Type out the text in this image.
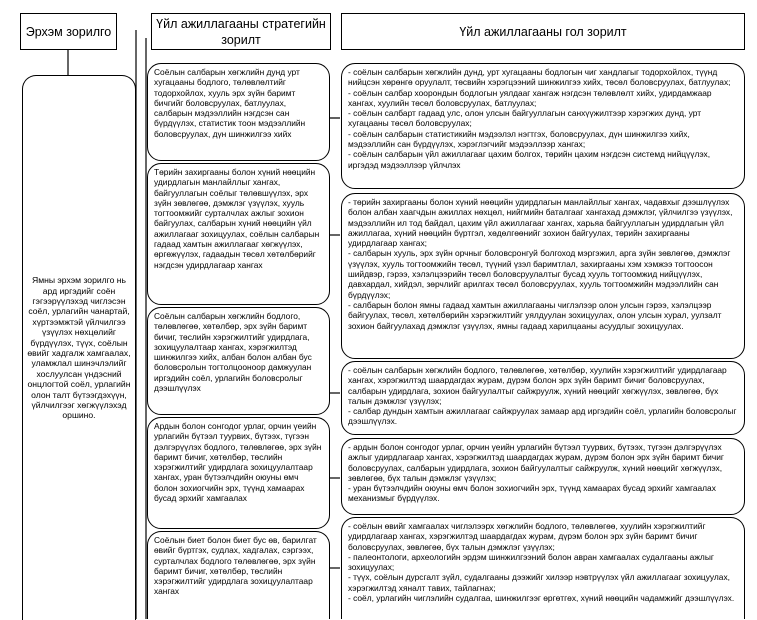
Эрхэм зорилго
Үйл ажиллагааны стратегийн зорилт
Үйл ажиллагааны гол зорилт
Ямны эрхэм зорилго нь ард иргэдийг соён гэгээрүүлэхэд чиглэсэн соёл, урлагийн чанартай, хүртээмжтэй үйлчилгээ үзүүлэх нөхцөлийг бүрдүүлэх, түүх, соёлын өвийг хадгалж хамгаалах, уламжлал шинэчлэлийг хослуулсан үндэсний онцлогтой соёл, урлагийн олон талт бүтээгдэхүүн, үйлчилгээг хөгжүүлэхэд оршино.
Соёлын салбарын хөгжлийн дунд урт хугацааны бодлого, төлөвлөлтийг тодорхойлох, хууль эрх зүйн баримт бичгийг боловсруулах, батлуулах, салбарын мэдээллийн нэгдсэн сан бүрдүүлэх, статистик тоон мэдээллийн боловсруулах, дүн шинжилгээ хийх
Төрийн захиргааны болон хүний нөөцийн удирдлагын манлайллыг хангах, байгууллагын соёлыг төлөвшүүлэх, эрх зүйн зөвлөгөө, дэмжлэг үзүүлэх, хууль тогтоомжийг сурталчлах ажлыг зохион байгуулах, салбарын хүний нөөцийн үйл ажиллагааг зохицуулах, соёлын салбарын гадаад хамтын ажиллагааг хөгжүүлэх, өргөжүүлэх, гадаадын төсөл хөтөлбөрийг нэгдсэн удирдлагаар хангах
Соёлын салбарын хөгжлийн бодлого, төлөвлөгөө, хөтөлбөр, эрх зүйн баримт бичиг, төслийн хэрэгжилтийг удирдлага, зохицуулалтаар хангах, хэрэгжилтэд шинжилгээ хийх, албан болон албан бус боловсролын тогтолцооноор дамжуулан иргэдийн соёл, урлагийн боловсролыг дээшлүүлэх
Ардын болон сонгодог урлаг, орчин үеийн урлагийн бүтээл туурвих, бүтээх, түгээн дэлгэрүүлэх бодлого, төлөвлөгөө, эрх зүйн баримт бичиг, хөтөлбөр, төслийн хэрэгжилтийг удирдлага зохицуулалтаар хангах, уран бүтээлчдийн оюуны өмч болон зохиогчийн эрх, түүнд хамаарах бусад эрхийг хамгаалах
Соёлын биет болон биет бус өв, барилгат өвийг бүртгэх, судлах, хадгалах, сэргээх, сурталчлах бодлого төлөвлөгөө, эрх зүйн баримт бичиг, хөтөлбөр, төслийн хэрэгжилтийг удирдлага зохицуулалтаар хангах

- соёлын салбарын хөгжлийн дунд, урт хугацааны бодлогын чиг хандлагыг тодорхойлох, түүнд нийцсэн хөрөнгө оруулалт, төсвийн хэрэгцээний шинжилгээ хийх, төсөл боловсруулах, батлуулах;

- соёлын салбар хоорондын бодлогын уялдааг хангаж нэгдсэн төлөвлөлт хийх, удирдамжаар хангах, хуулийн төсөл боловсруулах, батлуулах;

- соёлын салбарт гадаад улс, олон улсын байгууллагын санхүүжилтээр хэрэгжих дунд, урт хугацааны төсөл боловсруулах;

- соёлын салбарын статистикийн мэдээлэл нэгтгэх, боловсруулах, дүн шинжилгээ хийх, мэдээллийн сан бүрдүүлэх, хэрэглэгчийг мэдээллээр хангах;

- соёлын салбарын үйл ажиллагааг цахим болгох, төрийн цахим нэгдсэн системд нийцүүлэх, иргэдэд мэдээллээр үйлчлэх

- төрийн захиргааны болон хүний нөөцийн удирдлагын манлайллыг хангах, чадавхыг дээшлүүлэх болон албан хаагчдын ажиллах нөхцөл, нийгмийн баталгааг хангахад дэмжлэг, үйлчилгээ үзүүлэх, мэдээллийн ил тод байдал, цахим үйл ажиллагааг хангах, харьяа байгууллагын удирдлагын үйл ажиллагаа, хүний нөөцийн бүртгэл, хөдөлгөөнийг зохион байгуулах, төрийн захиргааны удирдлагаар хангах;

- салбарын хууль, эрх зүйн орчныг боловсронгуй болгоход мэргэжил, арга зүйн зөвлөгөө, дэмжлэг үзүүлэх, хууль тогтоомжийн төсөл, түүний үзэл баримтлал, захиргааны хэм хэмжээ тогтоосон шийдвэр, гэрээ, хэлэлцээрийн төсөл боловсруулалтыг бусад хууль тогтоомжид нийцүүлэх, давхардал, хийдэл, зөрчлийг арилгах төсөл боловсруулах, хууль тогтоомжийн мэдээллийн сан бүрдүүлэх;

- салбарын болон ямны гадаад хамтын ажиллагааны чиглэлээр олон улсын гэрээ, хэлэлцээр байгуулах, төсөл, хөтөлбөрийн хэрэгжилтийг уялдуулан зохицуулах, олон улсын хурал, уулзалт зохион байгуулахад дэмжлэг үзүүлэх, ямны гадаад харилцааны асуудлыг зохицуулах.

- соёлын салбарын хөгжлийн бодлого, төлөвлөгөө, хөтөлбөр, хуулийн хэрэгжилтийг удирдлагаар хангах, хэрэгжилтэд шаардагдах журам, дүрэм болон эрх зүйн баримт бичиг боловсруулах, салбарын удирдлага, зохион байгуулалтыг сайжруулж, хүний нөөцийг хөгжүүлэх, зөвлөгөө, бүх талын дэмжлэг үзүүлэх;

- салбар дундын хамтын ажиллагааг сайжруулах замаар ард иргэдийн соёл, урлагийн боловсролыг дээшлүүлэх.

- ардын болон сонгодог урлаг, орчин үеийн урлагийн бүтээл туурвих, бүтээх, түгээн дэлгэрүүлэх ажлыг удирдлагаар хангах, хэрэгжилтэд шаардагдах журам, дүрэм болон эрх зүйн баримт бичиг боловсруулах, салбарын удирдлага, зохион байгуулалтыг сайжруулж, хүний нөөцийг хөгжүүлэх, зөвлөгөө, бүх талын дэмжлэг үзүүлэх;

- уран бүтээлчдийн оюуны өмч болон зохиогчийн эрх, түүнд хамаарах бусад эрхийг хамгаалах механизмыг бүрдүүлэх.

- соёлын өвийг хамгаалах чиглэлээрх хөгжлийн бодлого, төлөвлөгөө, хуулийн хэрэгжилтийг удирдлагаар хангах, хэрэгжилтэд шаардагдах журам, дүрэм болон эрх зүйн баримт бичиг боловсруулах, зөвлөгөө, бүх талын дэмжлэг үзүүлэх;

- палеонтологи, археологийн эрдэм шинжилгээний болон авран хамгаалах судалгааны ажлыг зохицуулах;

- түүх, соёлын дурсгалт зүйл, судалгааны дээжийг хилээр нэвтрүүлэх үйл ажиллагааг зохицуулах, хэрэгжилтэд хяналт тавих, тайлагнах;

- соёл, урлагийн чиглэлийн судалгаа, шинжилгээг өргөтгөх, хүний нөөцийн чадамжийг дээшлүүлэх.
